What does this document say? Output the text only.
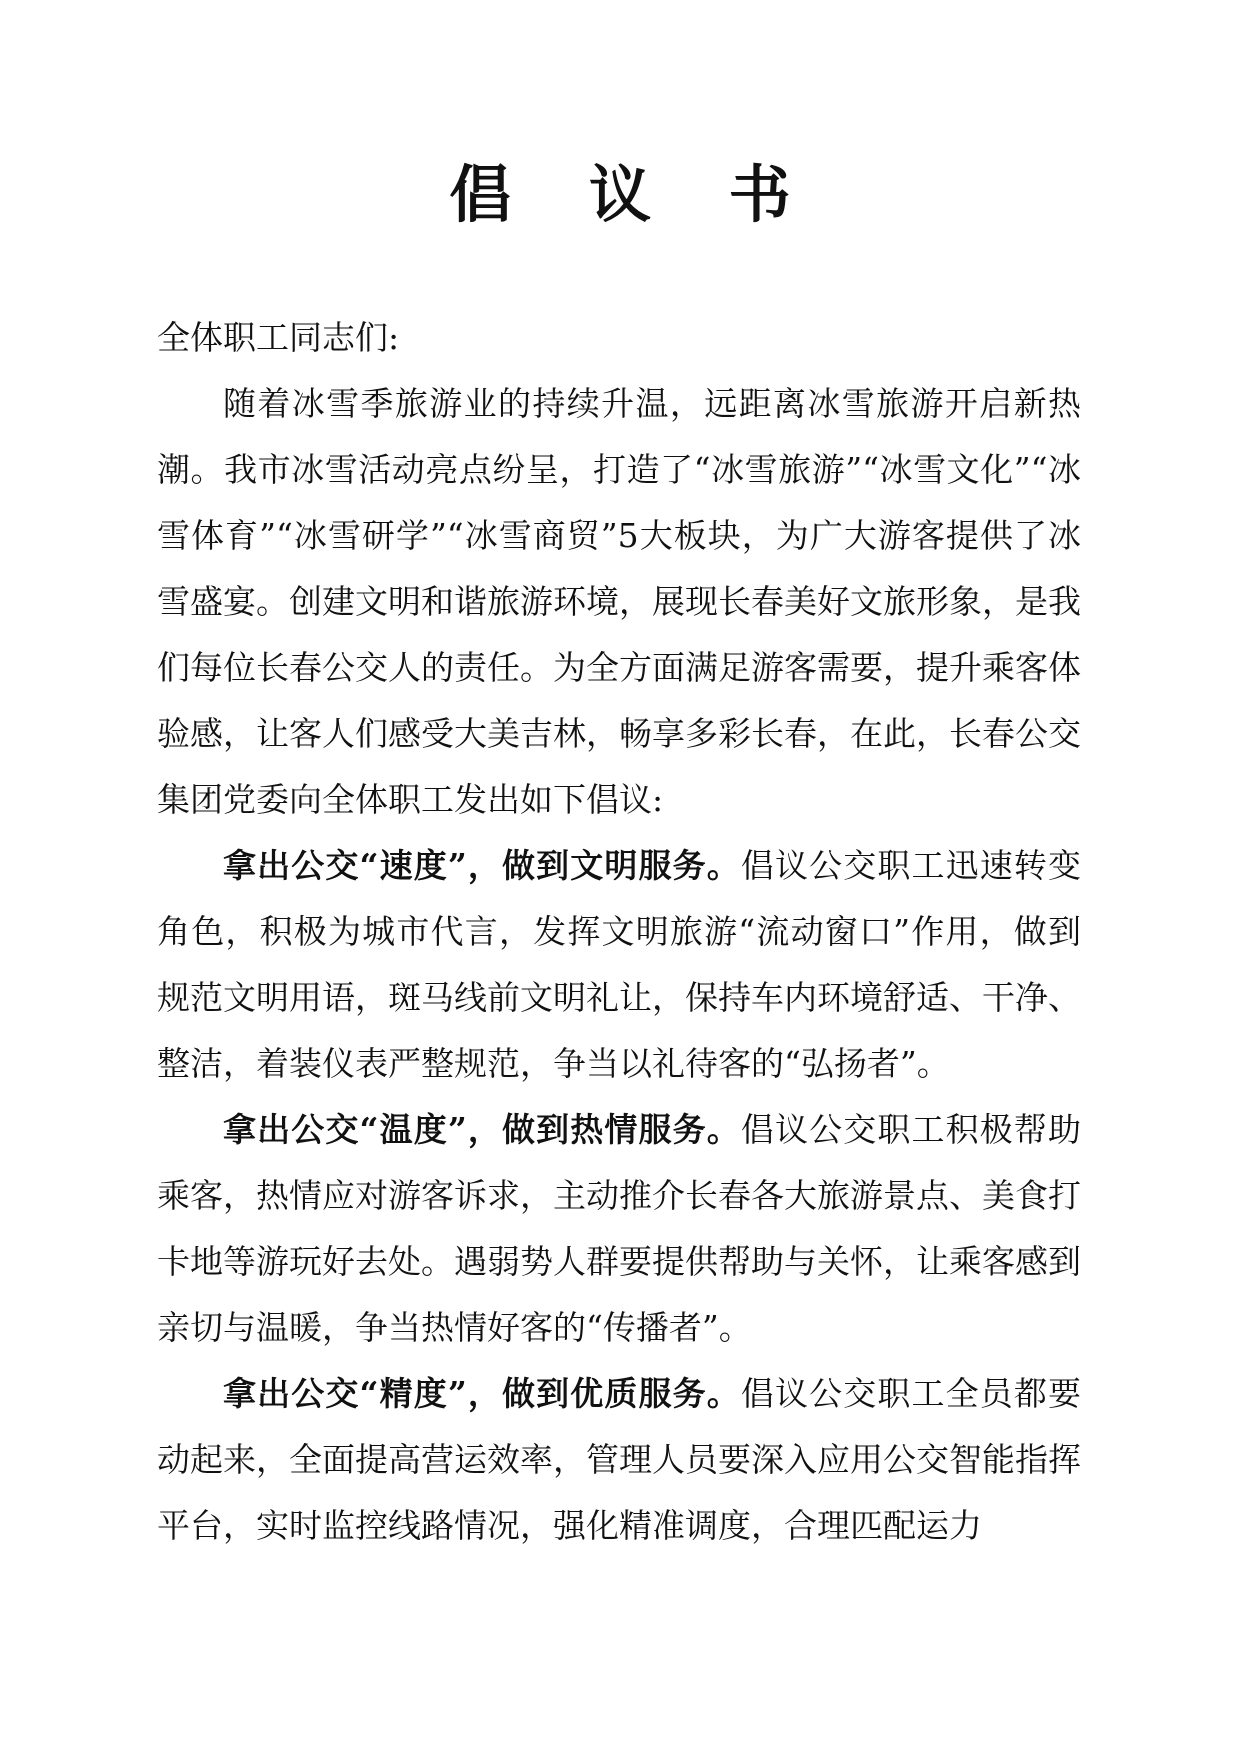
倡 议 书

全体职工同志们:

随着冰雪季旅游业的持续升温，远距离冰雪旅游开启新热潮。我市冰雪活动亮点纷呈，打造了“冰雪旅游”“冰雪文化”“冰雪体育”“冰雪研学”“冰雪商贸”5大板块，为广大游客提供了冰雪盛宴。创建文明和谐旅游环境，展现长春美好文旅形象，是我们每位长春公交人的责任。为全方面满足游客需要，提升乘客体验感，让客人们感受大美吉林，畅享多彩长春，在此，长春公交集团党委向全体职工发出如下倡议:

拿出公交“速度”，做到文明服务。倡议公交职工迅速转变角色，积极为城市代言，发挥文明旅游“流动窗口”作用，做到规范文明用语，斑马线前文明礼让，保持车内环境舒适、干净、整洁，着装仪表严整规范，争当以礼待客的“弘扬者”。

拿出公交“温度”，做到热情服务。倡议公交职工积极帮助乘客，热情应对游客诉求，主动推介长春各大旅游景点、美食打卡地等游玩好去处。遇弱势人群要提供帮助与关怀，让乘客感到亲切与温暖，争当热情好客的“传播者”。

拿出公交“精度”，做到优质服务。倡议公交职工全员都要动起来，全面提高营运效率，管理人员要深入应用公交智能指挥平台，实时监控线路情况，强化精准调度，合理匹配运力
